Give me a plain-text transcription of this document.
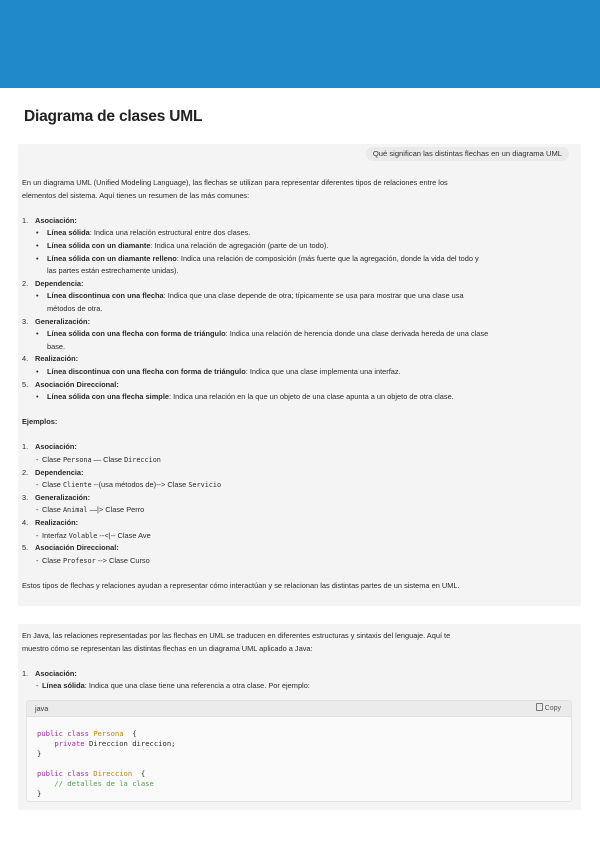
Diagrama de clases UML
Qué significan las distintas flechas en un diagrama UML
En un diagrama UML (Unified Modeling Language), las flechas se utilizan para representar diferentes tipos de relaciones entre los
elementos del sistema. Aquí tienes un resumen de las más comunes:
1. Asociación:
• Línea sólida: Indica una relación estructural entre dos clases.
• Línea sólida con un diamante: Indica una relación de agregación (parte de un todo).
• Línea sólida con un diamante relleno: Indica una relación de composición (más fuerte que la agregación, donde la vida del todo y
las partes están estrechamente unidas).
2. Dependencia:
• Línea discontinua con una flecha: Indica que una clase depende de otra; típicamente se usa para mostrar que una clase usa
métodos de otra.
3. Generalización:
• Línea sólida con una flecha con forma de triángulo: Indica una relación de herencia donde una clase derivada hereda de una clase
base.
4. Realización:
• Línea discontinua con una flecha con forma de triángulo: Indica que una clase implementa una interfaz.
5. Asociación Direccional:
• Línea sólida con una flecha simple: Indica una relación en la que un objeto de una clase apunta a un objeto de otra clase.
Ejemplos:
1. Asociación:
- Clase Persona — Clase Direccion
2. Dependencia:
- Clase Cliente --(usa métodos de)--> Clase Servicio
3. Generalización:
- Clase Animal —|> Clase Perro
4. Realización:
- Interfaz Volable --<|-- Clase Ave
5. Asociación Direccional:
- Clase Profesor --> Clase Curso
Estos tipos de flechas y relaciones ayudan a representar cómo interactúan y se relacionan las distintas partes de un sistema en UML.
En Java, las relaciones representadas por las flechas en UML se traducen en diferentes estructuras y sintaxis del lenguaje. Aquí te
muestro cómo se representan las distintas flechas en un diagrama UML aplicado a Java:
1. Asociación:
- Línea sólida: Indica que una clase tiene una referencia a otra clase. Por ejemplo:
java	Copy
public class Persona  {
private Direccion direccion;
}

public class Direccion  {
// detalles de la clase
}
